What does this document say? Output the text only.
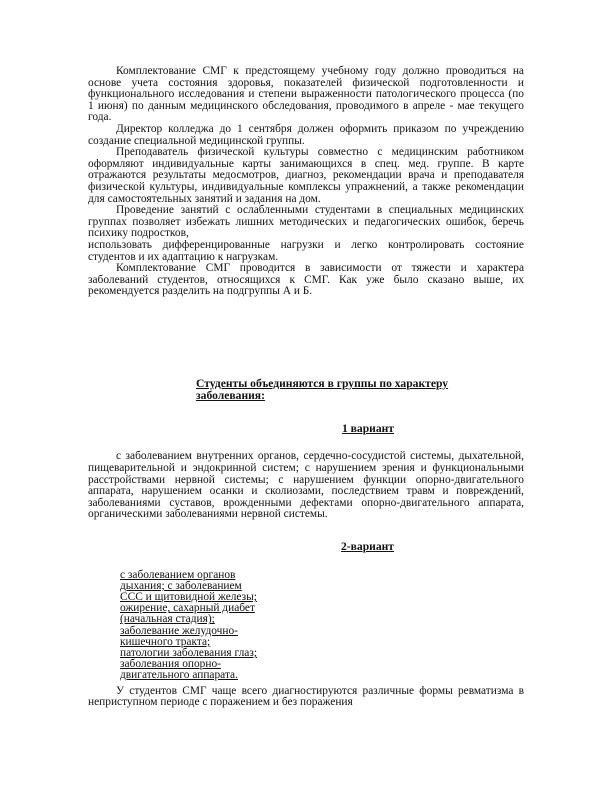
Комплектование СМГ к предстоящему учебному году должно проводиться на основе учета состояния здоровья, показателей физической подготовленности и функционального исследования и степени выраженности патологического процесса (по 1 июня) по данным медицинского обследования, проводимого в апреле - мае текущего года.

Директор колледжа до 1 сентября должен оформить приказом по учреждению создание специальной медицинской группы.

Преподаватель физической культуры совместно с медицинским работником оформляют индивидуальные карты занимающихся в спец. мед. группе. В карте отражаются результаты медосмотров, диагноз, рекомендации врача и преподавателя физической культуры, индивидуальные комплексы упражнений, а также рекомендации для самостоятельных занятий и задания на дом.

Проведение занятий с ослабленными студентами в специальных медицинских группах позволяет избежать лишних методических и педагогических ошибок, беречь психику подростков,

использовать дифференцированные нагрузки и легко контролировать состояние студентов и их адаптацию к нагрузкам.

Комплектование СМГ проводится в зависимости от тяжести и характера заболеваний студентов, относящихся к СМГ. Как уже было сказано выше, их рекомендуется разделить на подгруппы А и Б.

Студенты объединяются в группы по характеру заболевания:
1 вариант

с заболеванием внутренних органов, сердечно-сосудистой системы, дыхательной, пищеварительной и эндокринной систем; с нарушением зрения и функциональными расстройствами нервной системы; с нарушением функции опорно-двигательного аппарата, нарушением осанки и сколиозами, последствием травм и повреждений, заболеваниями суставов, врожденными дефектами опорно-двигательного аппарата, органическими заболеваниями нервной системы.

2-вариант
с заболеванием органов
дыхания; с заболеванием
ССС и щитовидной железы;
ожирение, сахарный диабет
(начальная стадия);
заболевание желудочно-
кишечного тракта;
патологии заболевания глаз;
заболевания опорно-
двигательного аппарата.

У студентов СМГ чаще всего диагностируются различные формы ревматизма в неприступном периоде с поражением и без поражения
